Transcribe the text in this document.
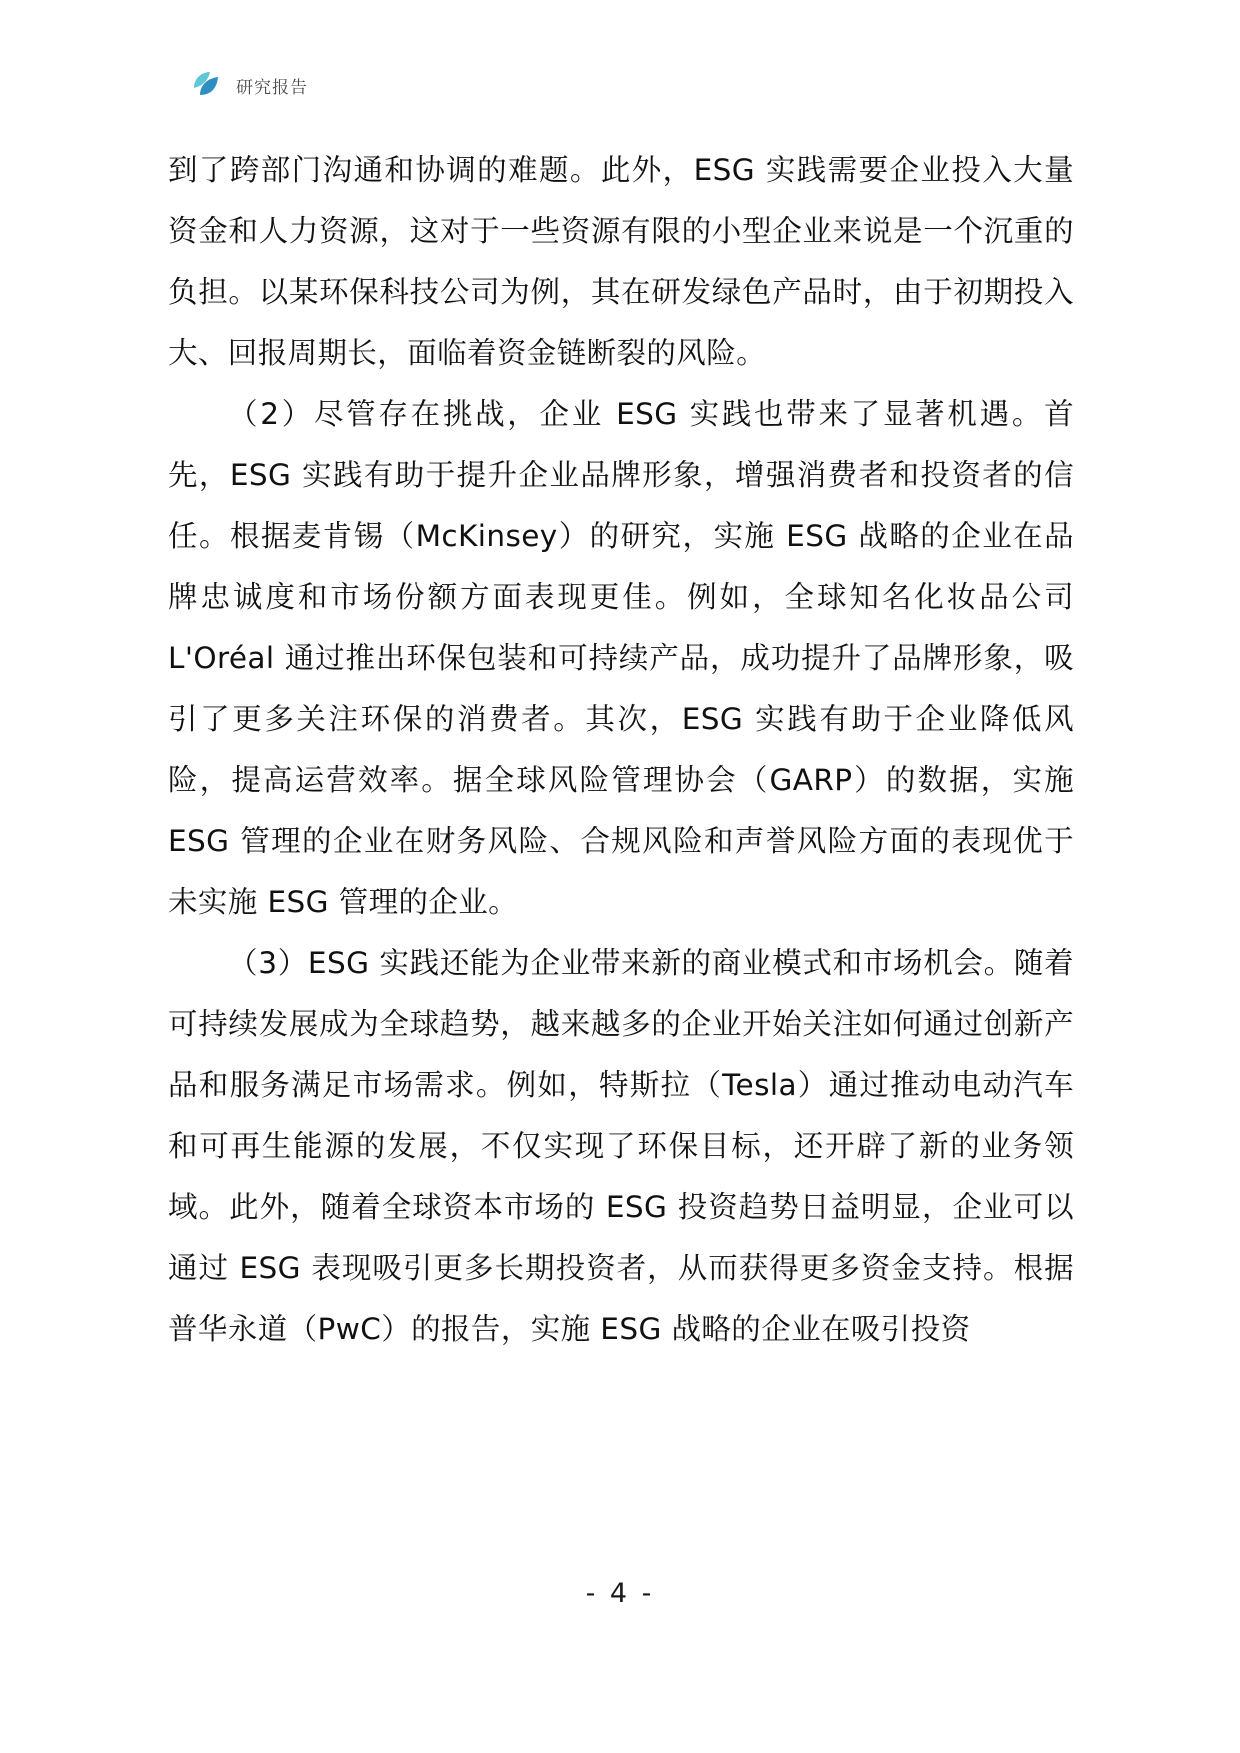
研究报告

到了跨部门沟通和协调的难题。此外，ESG 实践需要企业投入大量资金和人力资源，这对于一些资源有限的小型企业来说是一个沉重的负担。以某环保科技公司为例，其在研发绿色产品时，由于初期投入大、回报周期长，面临着资金链断裂的风险。

（2）尽管存在挑战，企业 ESG 实践也带来了显著机遇。首先，ESG 实践有助于提升企业品牌形象，增强消费者和投资者的信任。根据麦肯锡（McKinsey）的研究，实施 ESG 战略的企业在品牌忠诚度和市场份额方面表现更佳。例如，全球知名化妆品公司 L'Oréal 通过推出环保包装和可持续产品，成功提升了品牌形象，吸引了更多关注环保的消费者。其次，ESG 实践有助于企业降低风险，提高运营效率。据全球风险管理协会（GARP）的数据，实施 ESG 管理的企业在财务风险、合规风险和声誉风险方面的表现优于未实施 ESG 管理的企业。

（3）ESG 实践还能为企业带来新的商业模式和市场机会。随着可持续发展成为全球趋势，越来越多的企业开始关注如何通过创新产品和服务满足市场需求。例如，特斯拉（Tesla）通过推动电动汽车和可再生能源的发展，不仅实现了环保目标，还开辟了新的业务领域。此外，随着全球资本市场的 ESG 投资趋势日益明显，企业可以通过 ESG 表现吸引更多长期投资者，从而获得更多资金支持。根据普华永道（PwC）的报告，实施 ESG 战略的企业在吸引投资

- 4 -
